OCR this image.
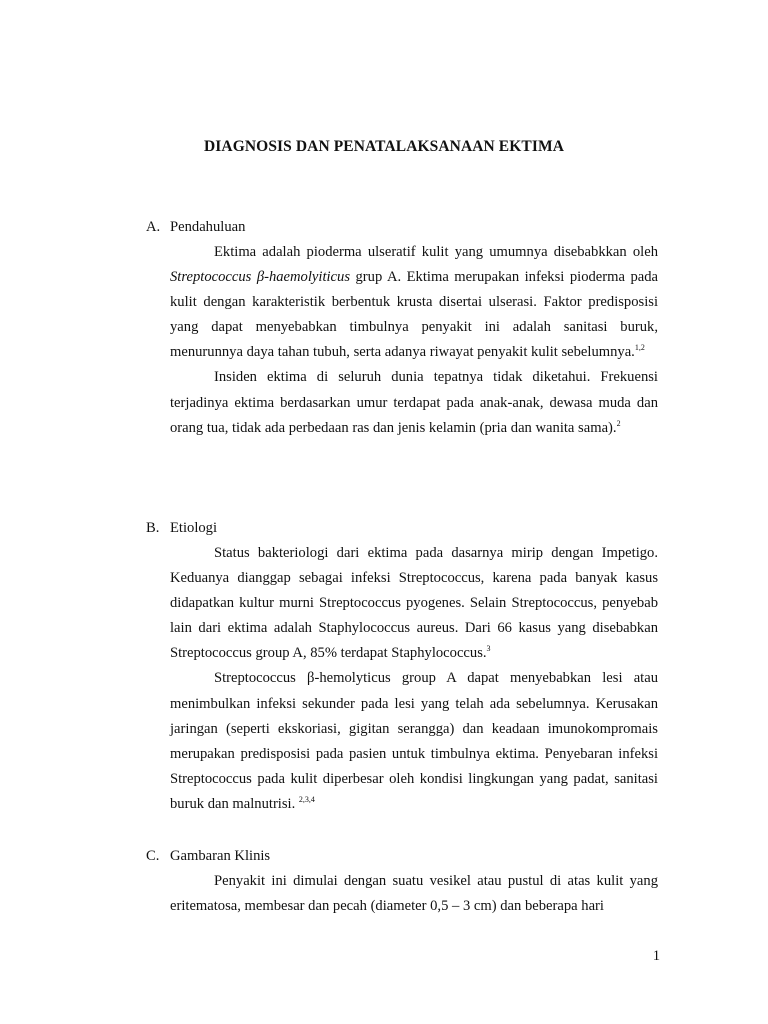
DIAGNOSIS DAN PENATALAKSANAAN EKTIMA
A. Pendahuluan

Ektima adalah pioderma ulseratif kulit yang umumnya disebabkkan oleh Streptococcus β-haemolyiticus grup A. Ektima merupakan infeksi pioderma pada kulit dengan karakteristik berbentuk krusta disertai ulserasi. Faktor predisposisi yang dapat menyebabkan timbulnya penyakit ini adalah sanitasi buruk, menurunnya daya tahan tubuh, serta adanya riwayat penyakit kulit sebelumnya.$^{1,2}$

Insiden ektima di seluruh dunia tepatnya tidak diketahui. Frekuensi terjadinya ektima berdasarkan umur terdapat pada anak-anak, dewasa muda dan orang tua, tidak ada perbedaan ras dan jenis kelamin (pria dan wanita sama).$^2$

B. Etiologi

Status bakteriologi dari ektima pada dasarnya mirip dengan Impetigo. Keduanya dianggap sebagai infeksi Streptococcus, karena pada banyak kasus didapatkan kultur murni Streptococcus pyogenes. Selain Streptococcus, penyebab lain dari ektima adalah Staphylococcus aureus. Dari 66 kasus yang disebabkan Streptococcus group A, 85% terdapat Staphylococcus.$^3$

Streptococcus β-hemolyticus group A dapat menyebabkan lesi atau menimbulkan infeksi sekunder pada lesi yang telah ada sebelumnya. Kerusakan jaringan (seperti ekskoriasi, gigitan serangga) dan keadaan imunokompromais merupakan predisposisi pada pasien untuk timbulnya ektima. Penyebaran infeksi Streptococcus pada kulit diperbesar oleh kondisi lingkungan yang padat, sanitasi buruk dan malnutrisi. $^{2,3,4}$

C. Gambaran Klinis

Penyakit ini dimulai dengan suatu vesikel atau pustul di atas kulit yang eritematosa, membesar dan pecah (diameter 0,5 – 3 cm) dan beberapa hari

1
